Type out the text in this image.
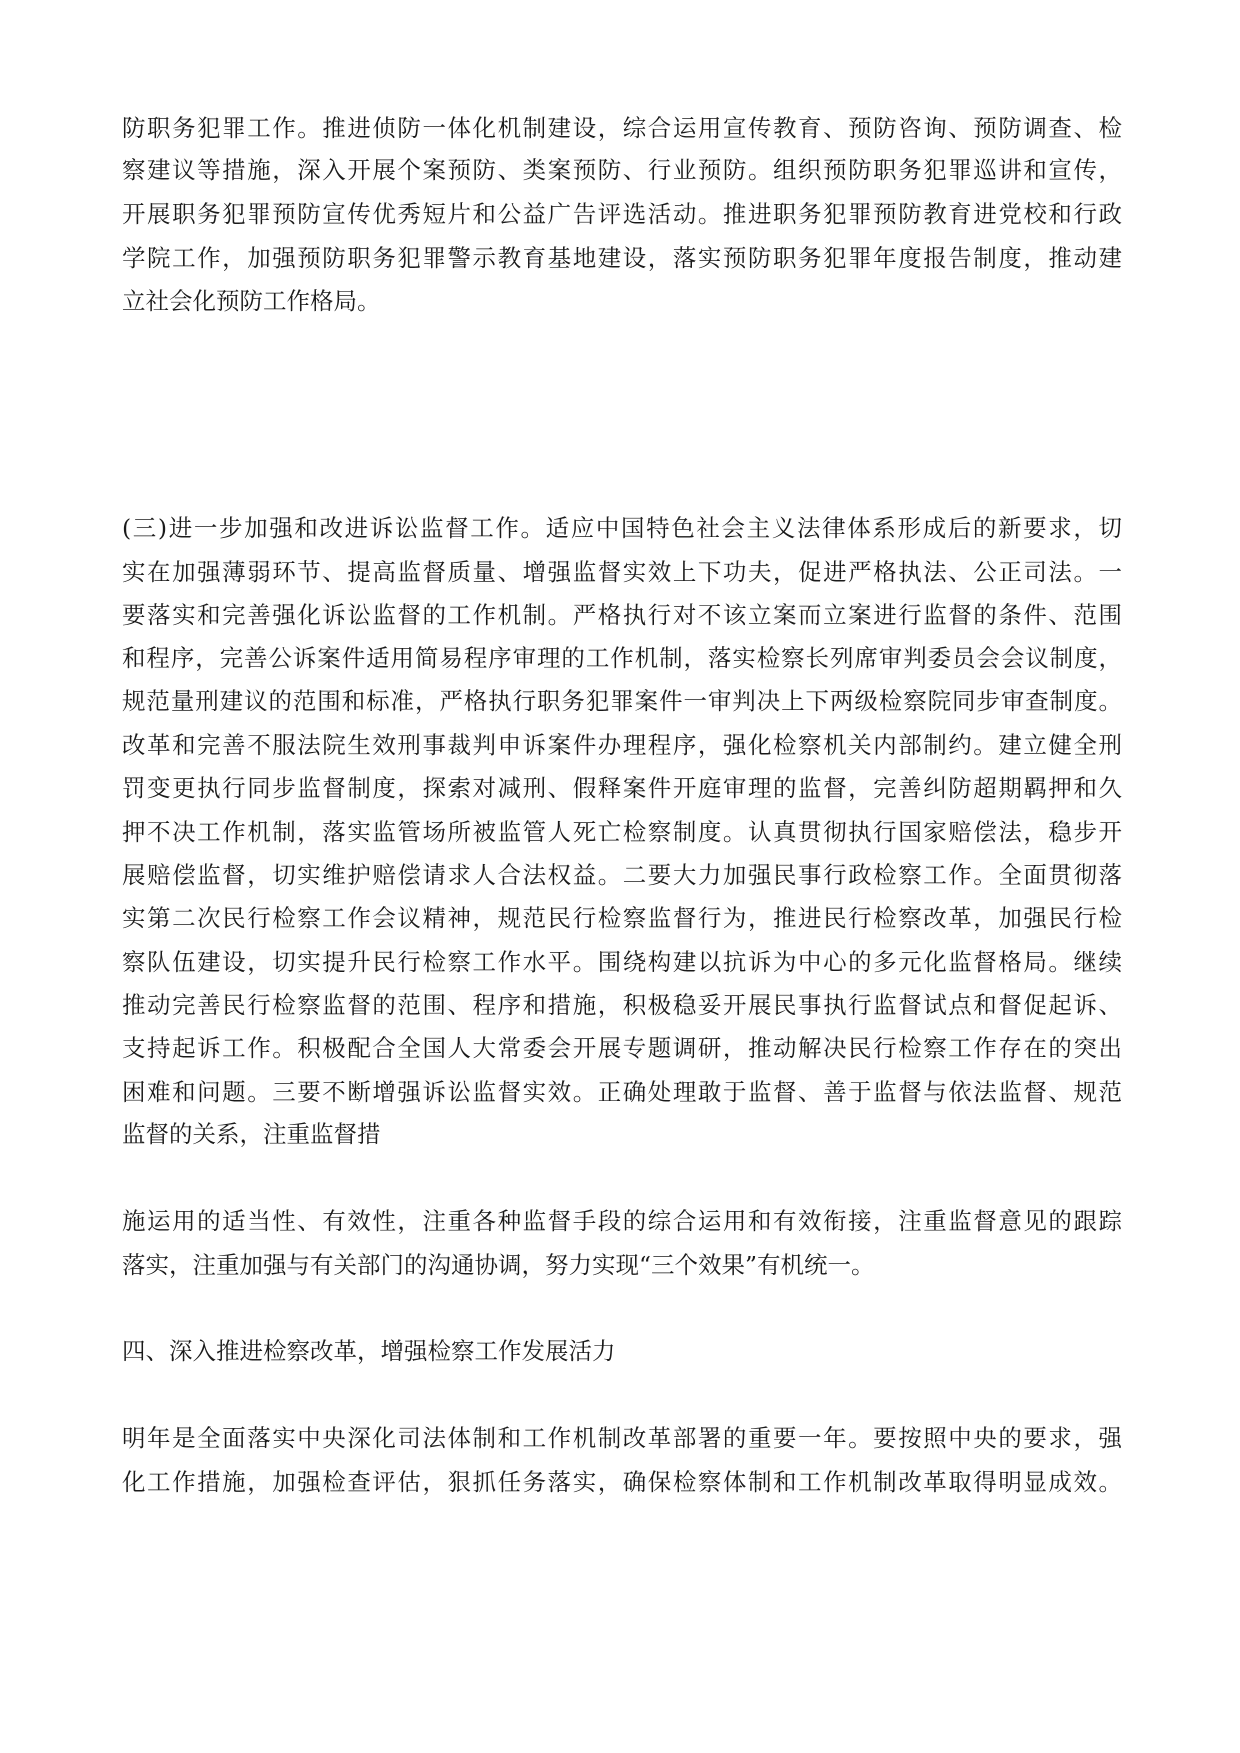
防职务犯罪工作。推进侦防一体化机制建设，综合运用宣传教育、预防咨询、预防调查、检
察建议等措施，深入开展个案预防、类案预防、行业预防。组织预防职务犯罪巡讲和宣传，
开展职务犯罪预防宣传优秀短片和公益广告评选活动。推进职务犯罪预防教育进党校和行政
学院工作，加强预防职务犯罪警示教育基地建设，落实预防职务犯罪年度报告制度，推动建
立社会化预防工作格局。
(三)进一步加强和改进诉讼监督工作。适应中国特色社会主义法律体系形成后的新要求，切
实在加强薄弱环节、提高监督质量、增强监督实效上下功夫，促进严格执法、公正司法。一
要落实和完善强化诉讼监督的工作机制。严格执行对不该立案而立案进行监督的条件、范围
和程序，完善公诉案件适用简易程序审理的工作机制，落实检察长列席审判委员会会议制度，
规范量刑建议的范围和标准，严格执行职务犯罪案件一审判决上下两级检察院同步审查制度。
改革和完善不服法院生效刑事裁判申诉案件办理程序，强化检察机关内部制约。建立健全刑
罚变更执行同步监督制度，探索对减刑、假释案件开庭审理的监督，完善纠防超期羁押和久
押不决工作机制，落实监管场所被监管人死亡检察制度。认真贯彻执行国家赔偿法，稳步开
展赔偿监督，切实维护赔偿请求人合法权益。二要大力加强民事行政检察工作。全面贯彻落
实第二次民行检察工作会议精神，规范民行检察监督行为，推进民行检察改革，加强民行检
察队伍建设，切实提升民行检察工作水平。围绕构建以抗诉为中心的多元化监督格局。继续
推动完善民行检察监督的范围、程序和措施，积极稳妥开展民事执行监督试点和督促起诉、
支持起诉工作。积极配合全国人大常委会开展专题调研，推动解决民行检察工作存在的突出
困难和问题。三要不断增强诉讼监督实效。正确处理敢于监督、善于监督与依法监督、规范
监督的关系，注重监督措
施运用的适当性、有效性，注重各种监督手段的综合运用和有效衔接，注重监督意见的跟踪
落实，注重加强与有关部门的沟通协调，努力实现“三个效果”有机统一。
四、深入推进检察改革，增强检察工作发展活力
明年是全面落实中央深化司法体制和工作机制改革部署的重要一年。要按照中央的要求，强
化工作措施，加强检查评估，狠抓任务落实，确保检察体制和工作机制改革取得明显成效。
